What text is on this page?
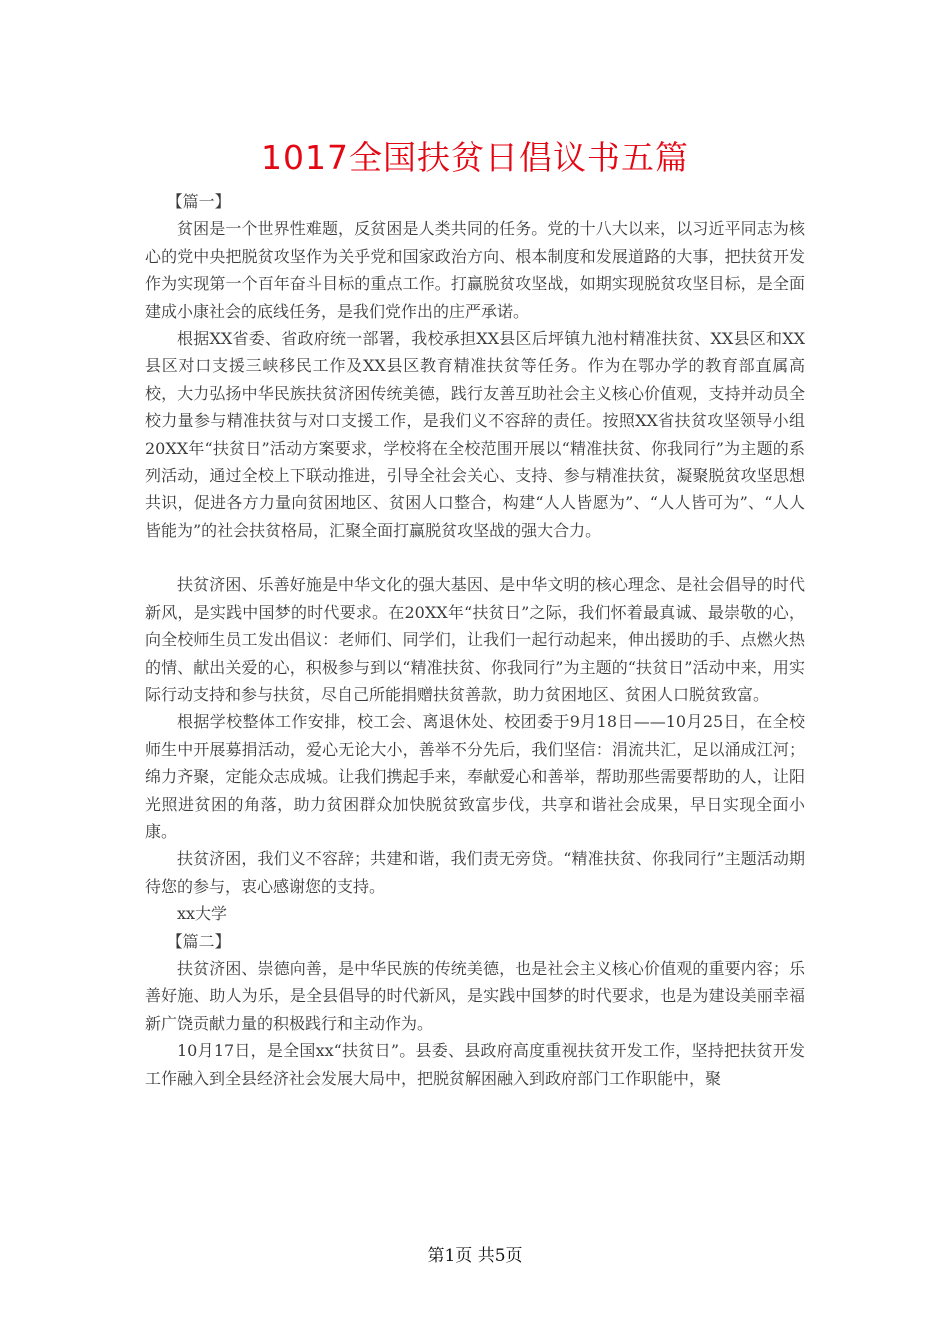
1017全国扶贫日倡议书五篇
【篇一】

贫困是一个世界性难题，反贫困是人类共同的任务。党的十八大以来，以习近平同志为核心的党中央把脱贫攻坚作为关乎党和国家政治方向、根本制度和发展道路的大事，把扶贫开发作为实现第一个百年奋斗目标的重点工作。打赢脱贫攻坚战，如期实现脱贫攻坚目标，是全面建成小康社会的底线任务，是我们党作出的庄严承诺。

根据XX省委、省政府统一部署，我校承担XX县区后坪镇九池村精准扶贫、XX县区和XX县区对口支援三峡移民工作及XX县区教育精准扶贫等任务。作为在鄂办学的教育部直属高校，大力弘扬中华民族扶贫济困传统美德，践行友善互助社会主义核心价值观，支持并动员全校力量参与精准扶贫与对口支援工作，是我们义不容辞的责任。按照XX省扶贫攻坚领导小组20XX年“扶贫日”活动方案要求，学校将在全校范围开展以“精准扶贫、你我同行”为主题的系列活动，通过全校上下联动推进，引导全社会关心、支持、参与精准扶贫，凝聚脱贫攻坚思想共识，促进各方力量向贫困地区、贫困人口整合，构建“人人皆愿为”、“人人皆可为”、“人人皆能为”的社会扶贫格局，汇聚全面打赢脱贫攻坚战的强大合力。

扶贫济困、乐善好施是中华文化的强大基因、是中华文明的核心理念、是社会倡导的时代新风，是实践中国梦的时代要求。在20XX年“扶贫日”之际，我们怀着最真诚、最崇敬的心，向全校师生员工发出倡议：老师们、同学们，让我们一起行动起来，伸出援助的手、点燃火热的情、献出关爱的心，积极参与到以“精准扶贫、你我同行”为主题的“扶贫日”活动中来，用实际行动支持和参与扶贫，尽自己所能捐赠扶贫善款，助力贫困地区、贫困人口脱贫致富。

根据学校整体工作安排，校工会、离退休处、校团委于9月18日——10月25日，在全校师生中开展募捐活动，爱心无论大小，善举不分先后，我们坚信：涓流共汇，足以涌成江河；绵力齐聚，定能众志成城。让我们携起手来，奉献爱心和善举，帮助那些需要帮助的人，让阳光照进贫困的角落，助力贫困群众加快脱贫致富步伐，共享和谐社会成果，早日实现全面小康。

扶贫济困，我们义不容辞；共建和谐，我们责无旁贷。“精准扶贫、你我同行”主题活动期待您的参与，衷心感谢您的支持。

xx大学
【篇二】

扶贫济困、崇德向善，是中华民族的传统美德，也是社会主义核心价值观的重要内容；乐善好施、助人为乐，是全县倡导的时代新风，是实践中国梦的时代要求，也是为建设美丽幸福新广饶贡献力量的积极践行和主动作为。

10月17日，是全国xx“扶贫日”。县委、县政府高度重视扶贫开发工作，坚持把扶贫开发工作融入到全县经济社会发展大局中，把脱贫解困融入到政府部门工作职能中，聚

第1页 共5页
